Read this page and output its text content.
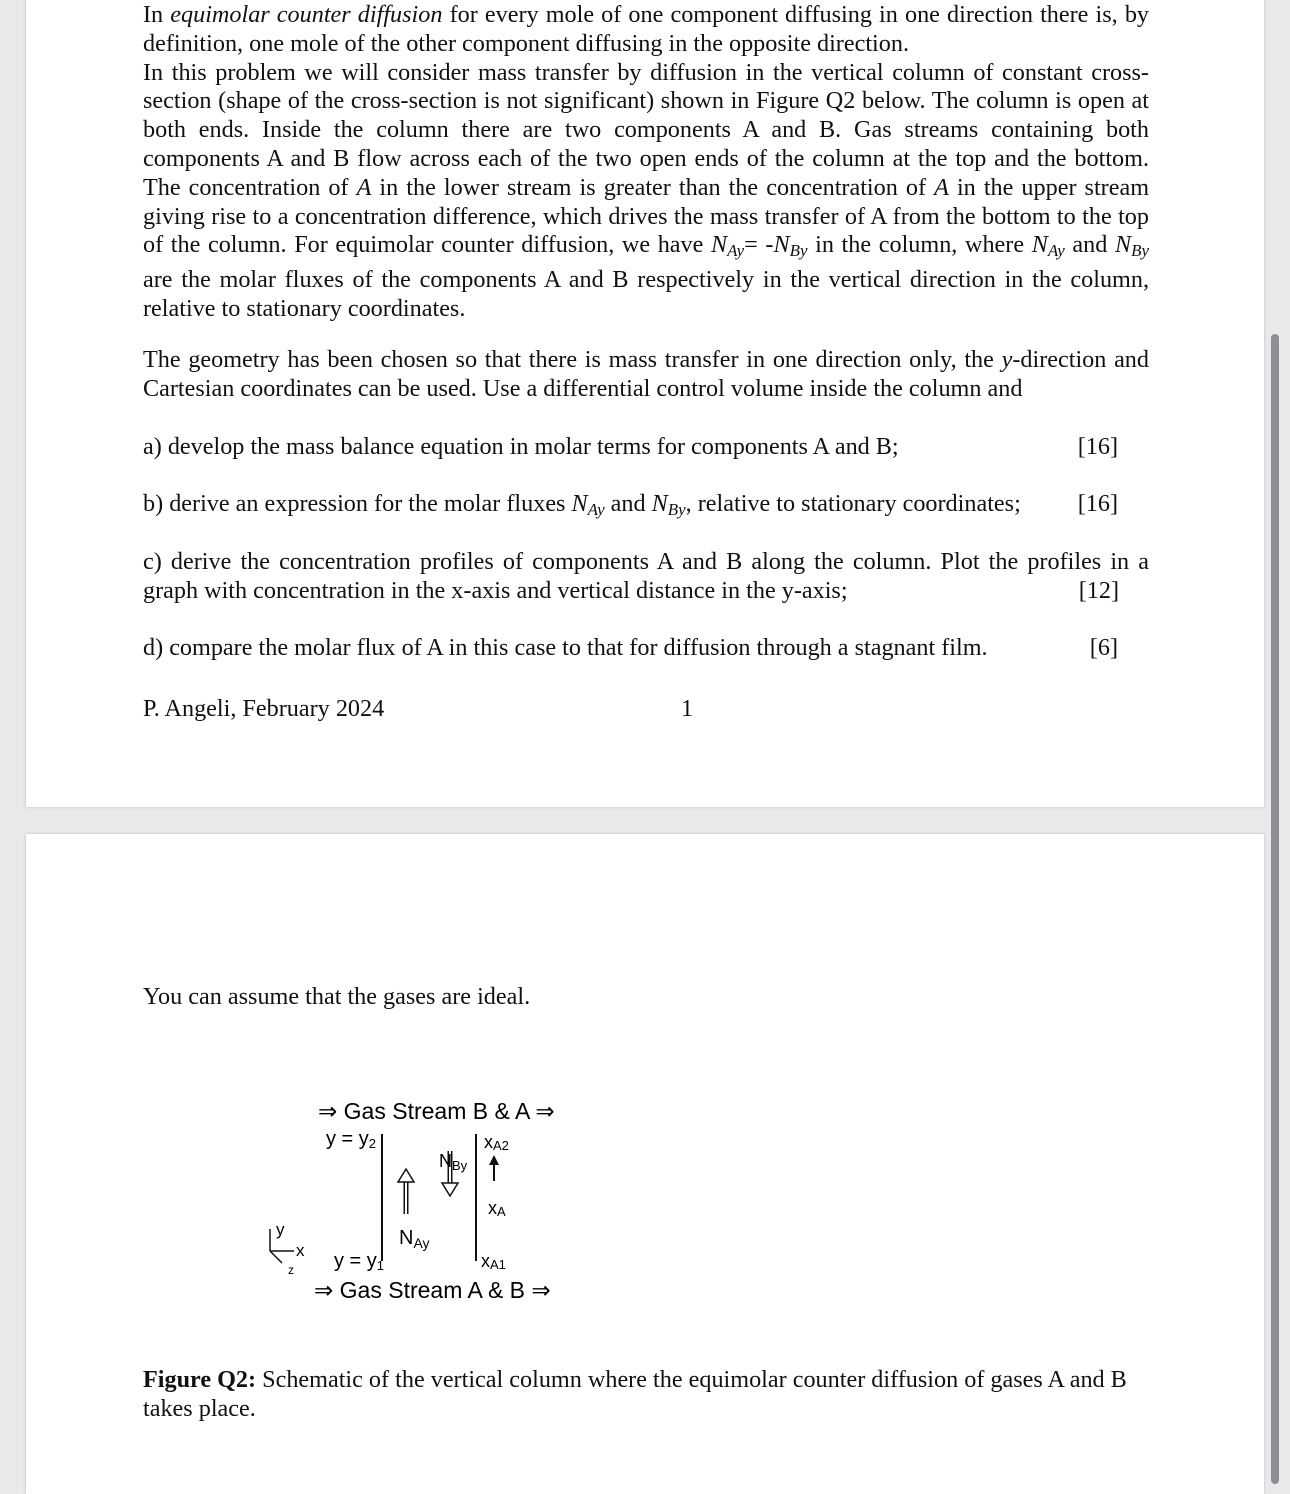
In equimolar counter diffusion for every mole of one component diffusing in one direction there is, by definition, one mole of the other component diffusing in the opposite direction.

In this problem we will consider mass transfer by diffusion in the vertical column of constant cross-section (shape of the cross-section is not significant) shown in Figure Q2 below. The column is open at both ends. Inside the column there are two components A and B. Gas streams containing both components A and B flow across each of the two open ends of the column at the top and the bottom. The concentration of A in the lower stream is greater than the concentration of A in the upper stream giving rise to a concentration difference, which drives the mass transfer of A from the bottom to the top of the column. For equimolar counter diffusion, we have $N_{Ay}= -N_{By}$ in the column, where $N_{Ay}$ and $N_{By}$ are the molar fluxes of the components A and B respectively in the vertical direction in the column, relative to stationary coordinates.

The geometry has been chosen so that there is mass transfer in one direction only, the y-direction and Cartesian coordinates can be used. Use a differential control volume inside the column and
a) develop the mass balance equation in molar terms for components A and B;	[16]
b) derive an expression for the molar fluxes $N_{Ay}$ and $N_{By}$, relative to stationary coordinates; [16]
c) derive the concentration profiles of components A and B along the column. Plot the profiles in a graph with concentration in the x-axis and vertical distance in the y-axis;	[12]
d) compare the molar flux of A in this case to that for diffusion through a stagnant film.	[6]
P. Angeli, February 2024	1
You can assume that the gases are ideal.
⇒ Gas Stream B & A ⇒
y = y2	xA2
NBy
xA
$N_{Ay}$
y = y1	xA1
⇒ Gas Stream A & B ⇒
y
x
z
Figure Q2: Schematic of the vertical column where the equimolar counter diffusion of gases A and B takes place.
